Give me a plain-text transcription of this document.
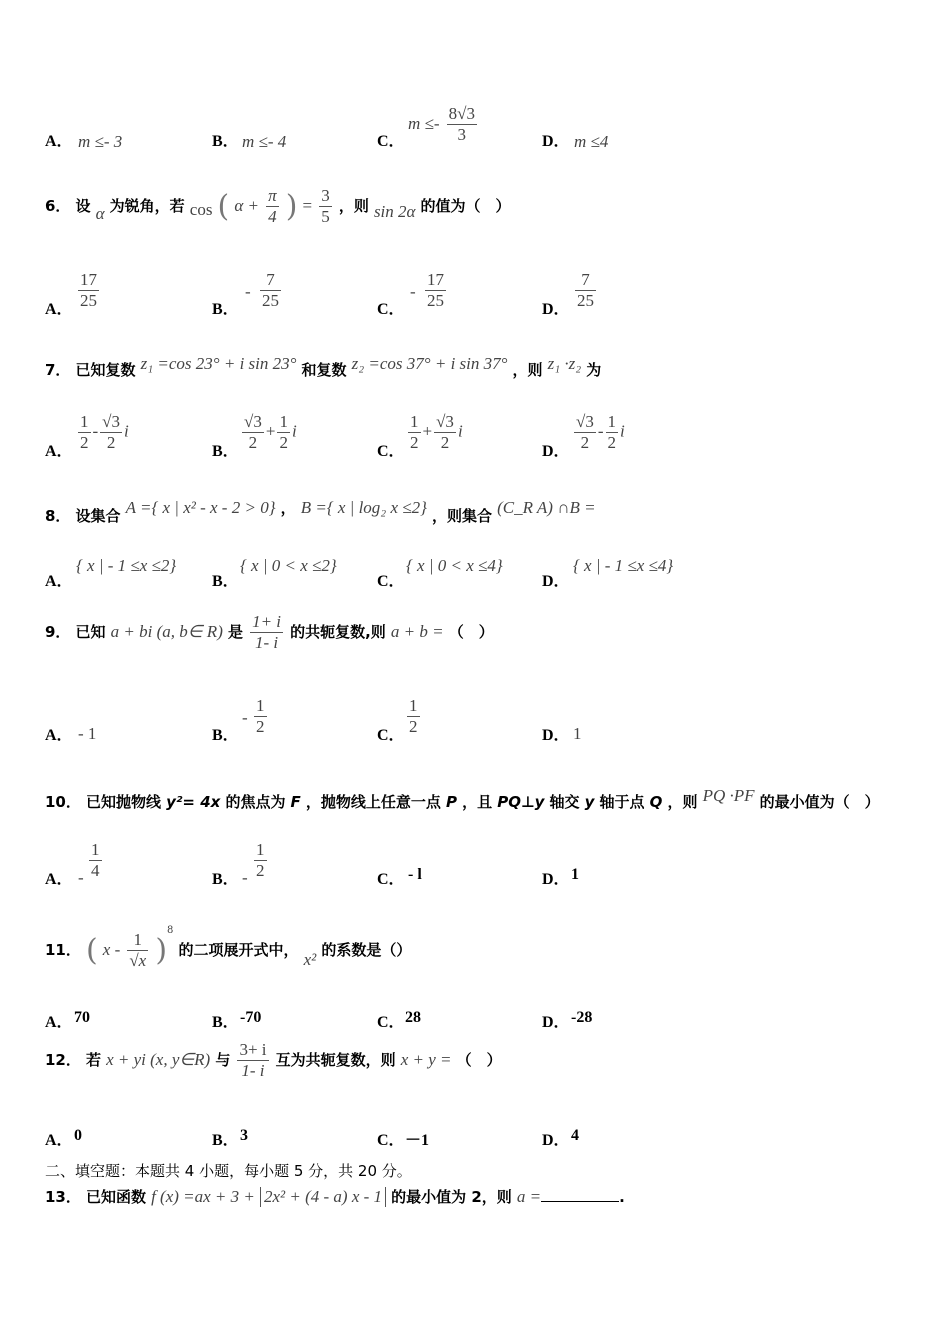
A． m ≤- 3	B． m ≤- 4	C．
$m \le- \frac{8√3}{3}$	D． m ≤4
6． 设 α 为锐角，若 cos ( $\alpha + \frac{\pi}{4}$ ) = $\frac{3}{5}$ ，则 sin 2α 的值为（　）
A． $\frac{17}{25}$	B．
- $\frac{7}{25}$	C．
- $\frac{17}{25}$	D． $\frac{7}{25}$
7． 已知复数 z₁ =cos 23° + i sin 23° 和复数 z₂ =cos 37° + i sin 37° ，则 z₁ ·z₂ 为
A． $\frac{1}{2} - \frac{√3}{2}$ i
B． $\frac{√3}{2} + \frac{1}{2}$ i
C． $\frac{1}{2} + \frac{√3}{2}$ i
D． $\frac{√3}{2} - \frac{1}{2}$ i
8． 设集合 A ={ x | x² - x - 2 > 0} ， B ={ x | log₂ x ≤2} ，则集合 (C_R A) ∩B =
A．
{ x | - 1 ≤x ≤2}
B．
{ x | 0 < x ≤2}
C．
{ x | 0 < x ≤4}
D．
{ x | - 1 ≤x ≤4}
9． 已知 a + bi (a, b∈ R) 是 $\frac{1+ i}{1- i}$ 的共轭复数,则 a + b = （　）
A． - 1	B．
- $\frac{1}{2}$	C． $\frac{1}{2}$	D． 1
10． 已知抛物线 y²= 4x 的焦点为 F ，抛物线上任意一点 P ，且 PQ⊥y 轴交 y 轴于点 Q ，则 PQ ·PF 的最小值为（　）
A． - $\frac{1}{4}$	B． - $\frac{1}{2}$	C． - l	D． 1
11． ( x - $\frac{1}{√x} )^8$ 的二项展开式中， x² 的系数是（）
A． 70	B． -70	C． 28	D． -28
12． 若 x + yi (x, y∈R) 与 $\frac{3+ i}{1- i}$ 互为共轭复数，则 x + y = （　）
A． 0	B． 3	C． －1	D． 4
二、填空题：本题共 4 小题，每小题 5 分，共 20 分。
13． 已知函数 f (x) =ax + 3 + 2x² + (4 - a) x - 1 的最小值为 2，则 a =	.
